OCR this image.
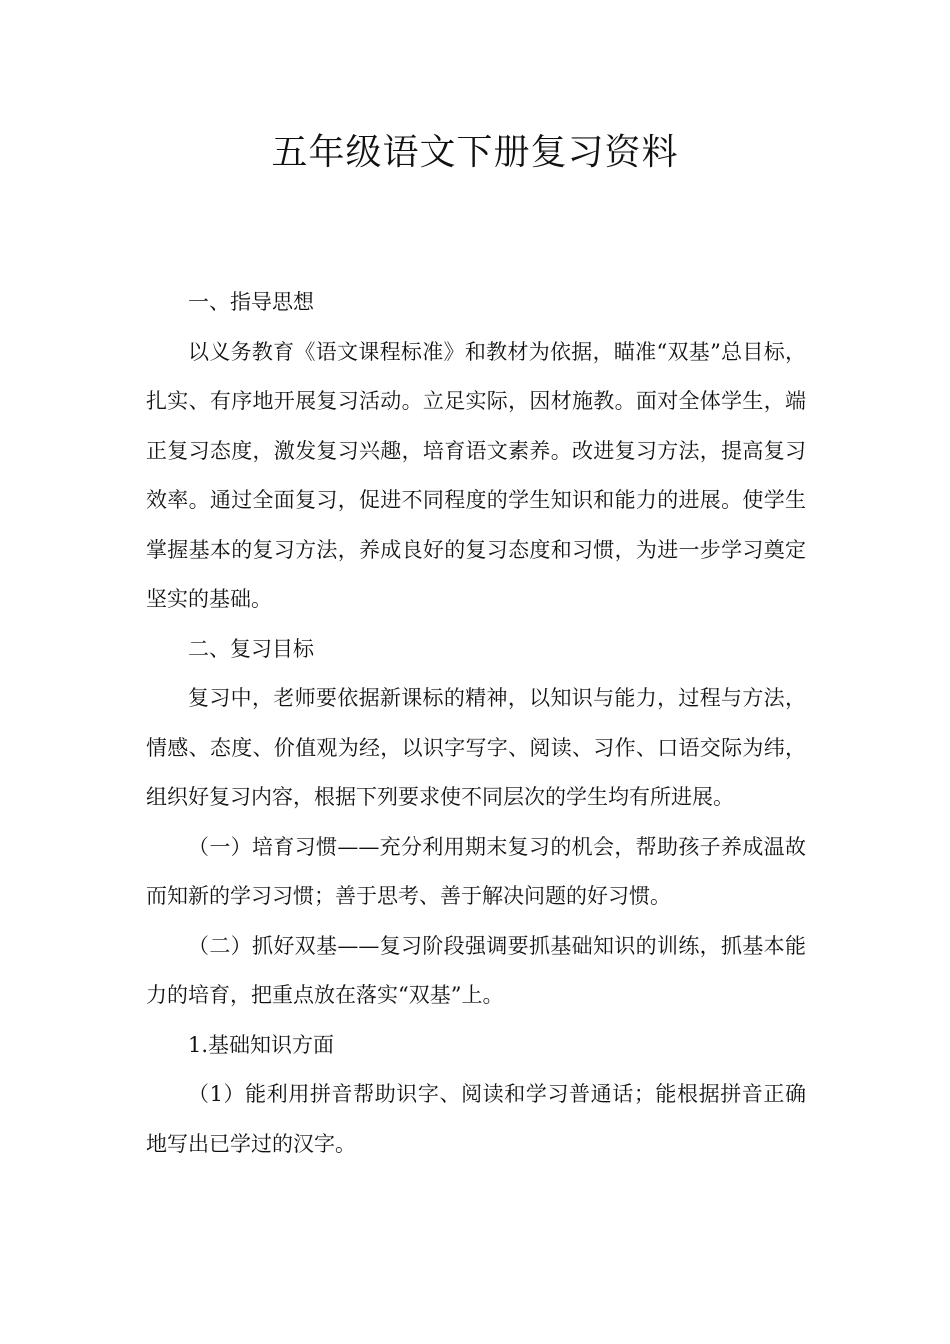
五年级语文下册复习资料

一、指导思想

以义务教育《语文课程标准》和教材为依据，瞄准“双基”总目标，扎实、有序地开展复习活动。立足实际，因材施教。面对全体学生，端正复习态度，激发复习兴趣，培育语文素养。改进复习方法，提高复习效率。通过全面复习，促进不同程度的学生知识和能力的进展。使学生掌握基本的复习方法，养成良好的复习态度和习惯，为进一步学习奠定坚实的基础。

二、复习目标

复习中，老师要依据新课标的精神，以知识与能力，过程与方法，情感、态度、价值观为经，以识字写字、阅读、习作、口语交际为纬，组织好复习内容，根据下列要求使不同层次的学生均有所进展。

（一）培育习惯——充分利用期末复习的机会，帮助孩子养成温故而知新的学习习惯；善于思考、善于解决问题的好习惯。

（二）抓好双基——复习阶段强调要抓基础知识的训练，抓基本能力的培育，把重点放在落实“双基”上。

1.基础知识方面

（1）能利用拼音帮助识字、阅读和学习普通话；能根据拼音正确地写出已学过的汉字。
